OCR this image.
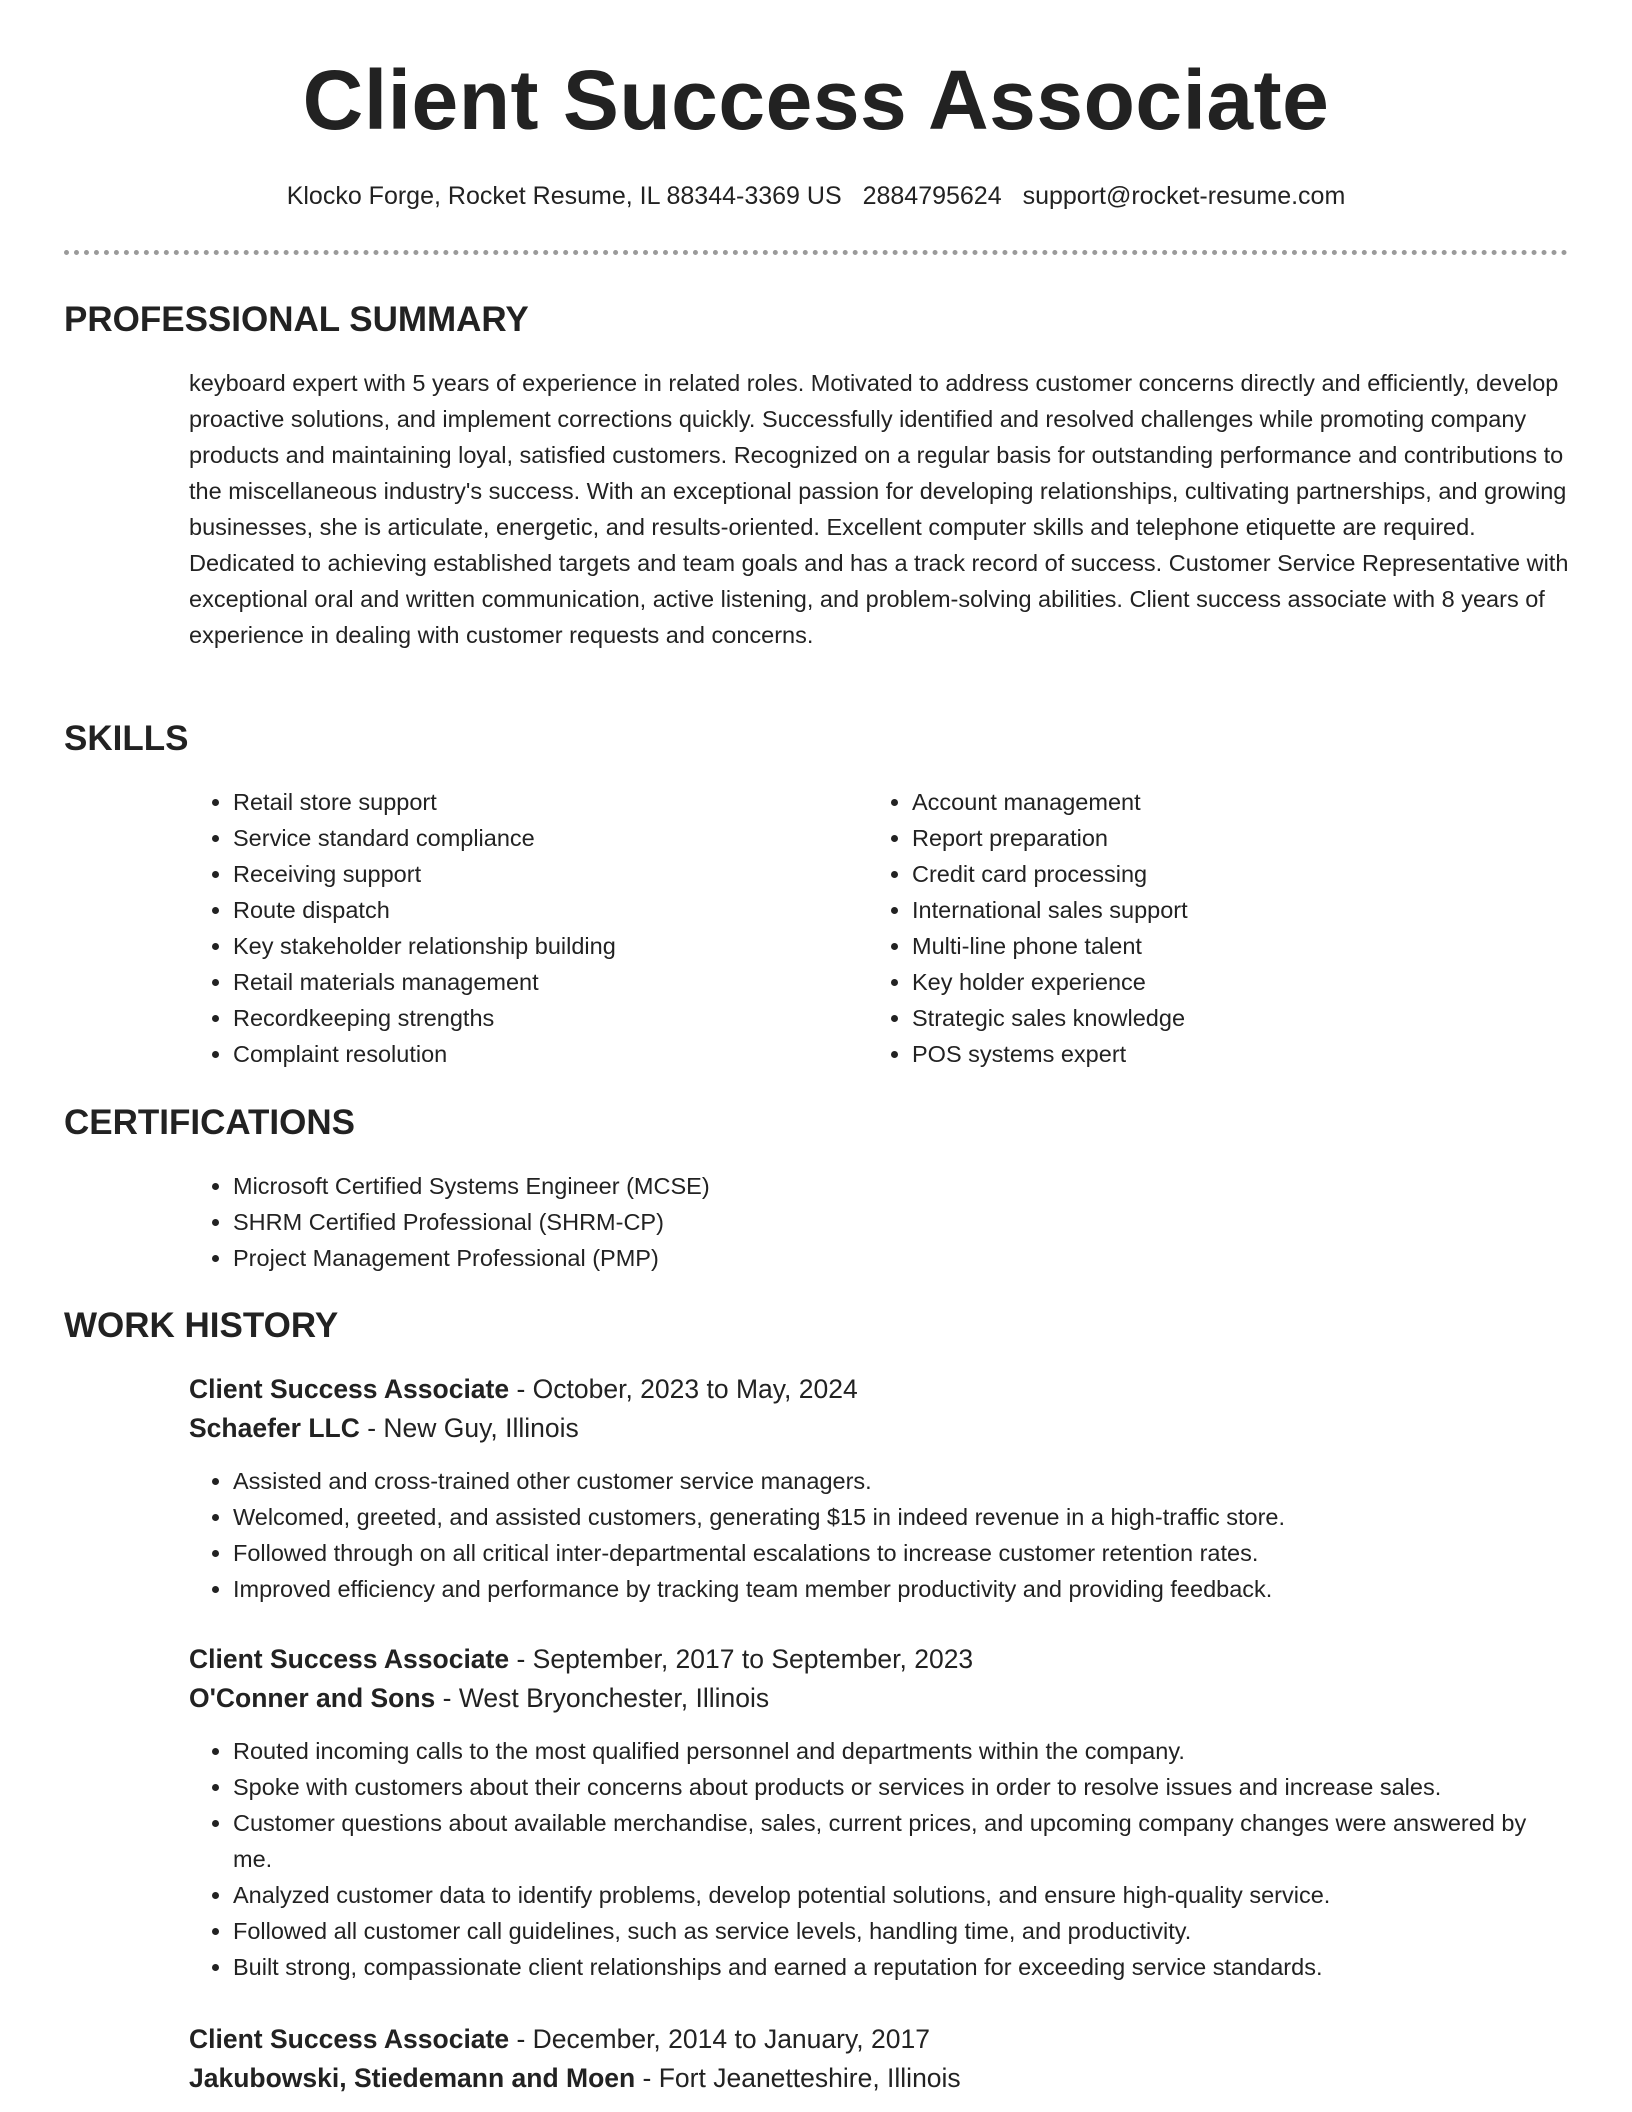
Client Success Associate
Klocko Forge, Rocket Resume, IL 88344-3369 US 2884795624 support@rocket-resume.com
PROFESSIONAL SUMMARY

keyboard expert with 5 years of experience in related roles. Motivated to address customer concerns directly and efficiently, develop proactive solutions, and implement corrections quickly. Successfully identified and resolved challenges while promoting company products and maintaining loyal, satisfied customers. Recognized on a regular basis for outstanding performance and contributions to the miscellaneous industry's success. With an exceptional passion for developing relationships, cultivating partnerships, and growing businesses, she is articulate, energetic, and results-oriented. Excellent computer skills and telephone etiquette are required. Dedicated to achieving established targets and team goals and has a track record of success. Customer Service Representative with exceptional oral and written communication, active listening, and problem-solving abilities. Client success associate with 8 years of experience in dealing with customer requests and concerns.

SKILLS
• Retail store support
• Service standard compliance
• Receiving support
• Route dispatch
• Key stakeholder relationship building
• Retail materials management
• Recordkeeping strengths
• Complaint resolution
• Account management
• Report preparation
• Credit card processing
• International sales support
• Multi-line phone talent
• Key holder experience
• Strategic sales knowledge
• POS systems expert
CERTIFICATIONS
• Microsoft Certified Systems Engineer (MCSE)
• SHRM Certified Professional (SHRM-CP)
• Project Management Professional (PMP)
WORK HISTORY
Client Success Associate - October, 2023 to May, 2024
Schaefer LLC - New Guy, Illinois
• Assisted and cross-trained other customer service managers.
• Welcomed, greeted, and assisted customers, generating $15 in indeed revenue in a high-traffic store.
• Followed through on all critical inter-departmental escalations to increase customer retention rates.
• Improved efficiency and performance by tracking team member productivity and providing feedback.
Client Success Associate - September, 2017 to September, 2023
O'Conner and Sons - West Bryonchester, Illinois
• Routed incoming calls to the most qualified personnel and departments within the company.
• Spoke with customers about their concerns about products or services in order to resolve issues and increase sales.
• Customer questions about available merchandise, sales, current prices, and upcoming company changes were answered by me.
• Analyzed customer data to identify problems, develop potential solutions, and ensure high-quality service.
• Followed all customer call guidelines, such as service levels, handling time, and productivity.
• Built strong, compassionate client relationships and earned a reputation for exceeding service standards.
Client Success Associate - December, 2014 to January, 2017
Jakubowski, Stiedemann and Moen - Fort Jeanetteshire, Illinois
